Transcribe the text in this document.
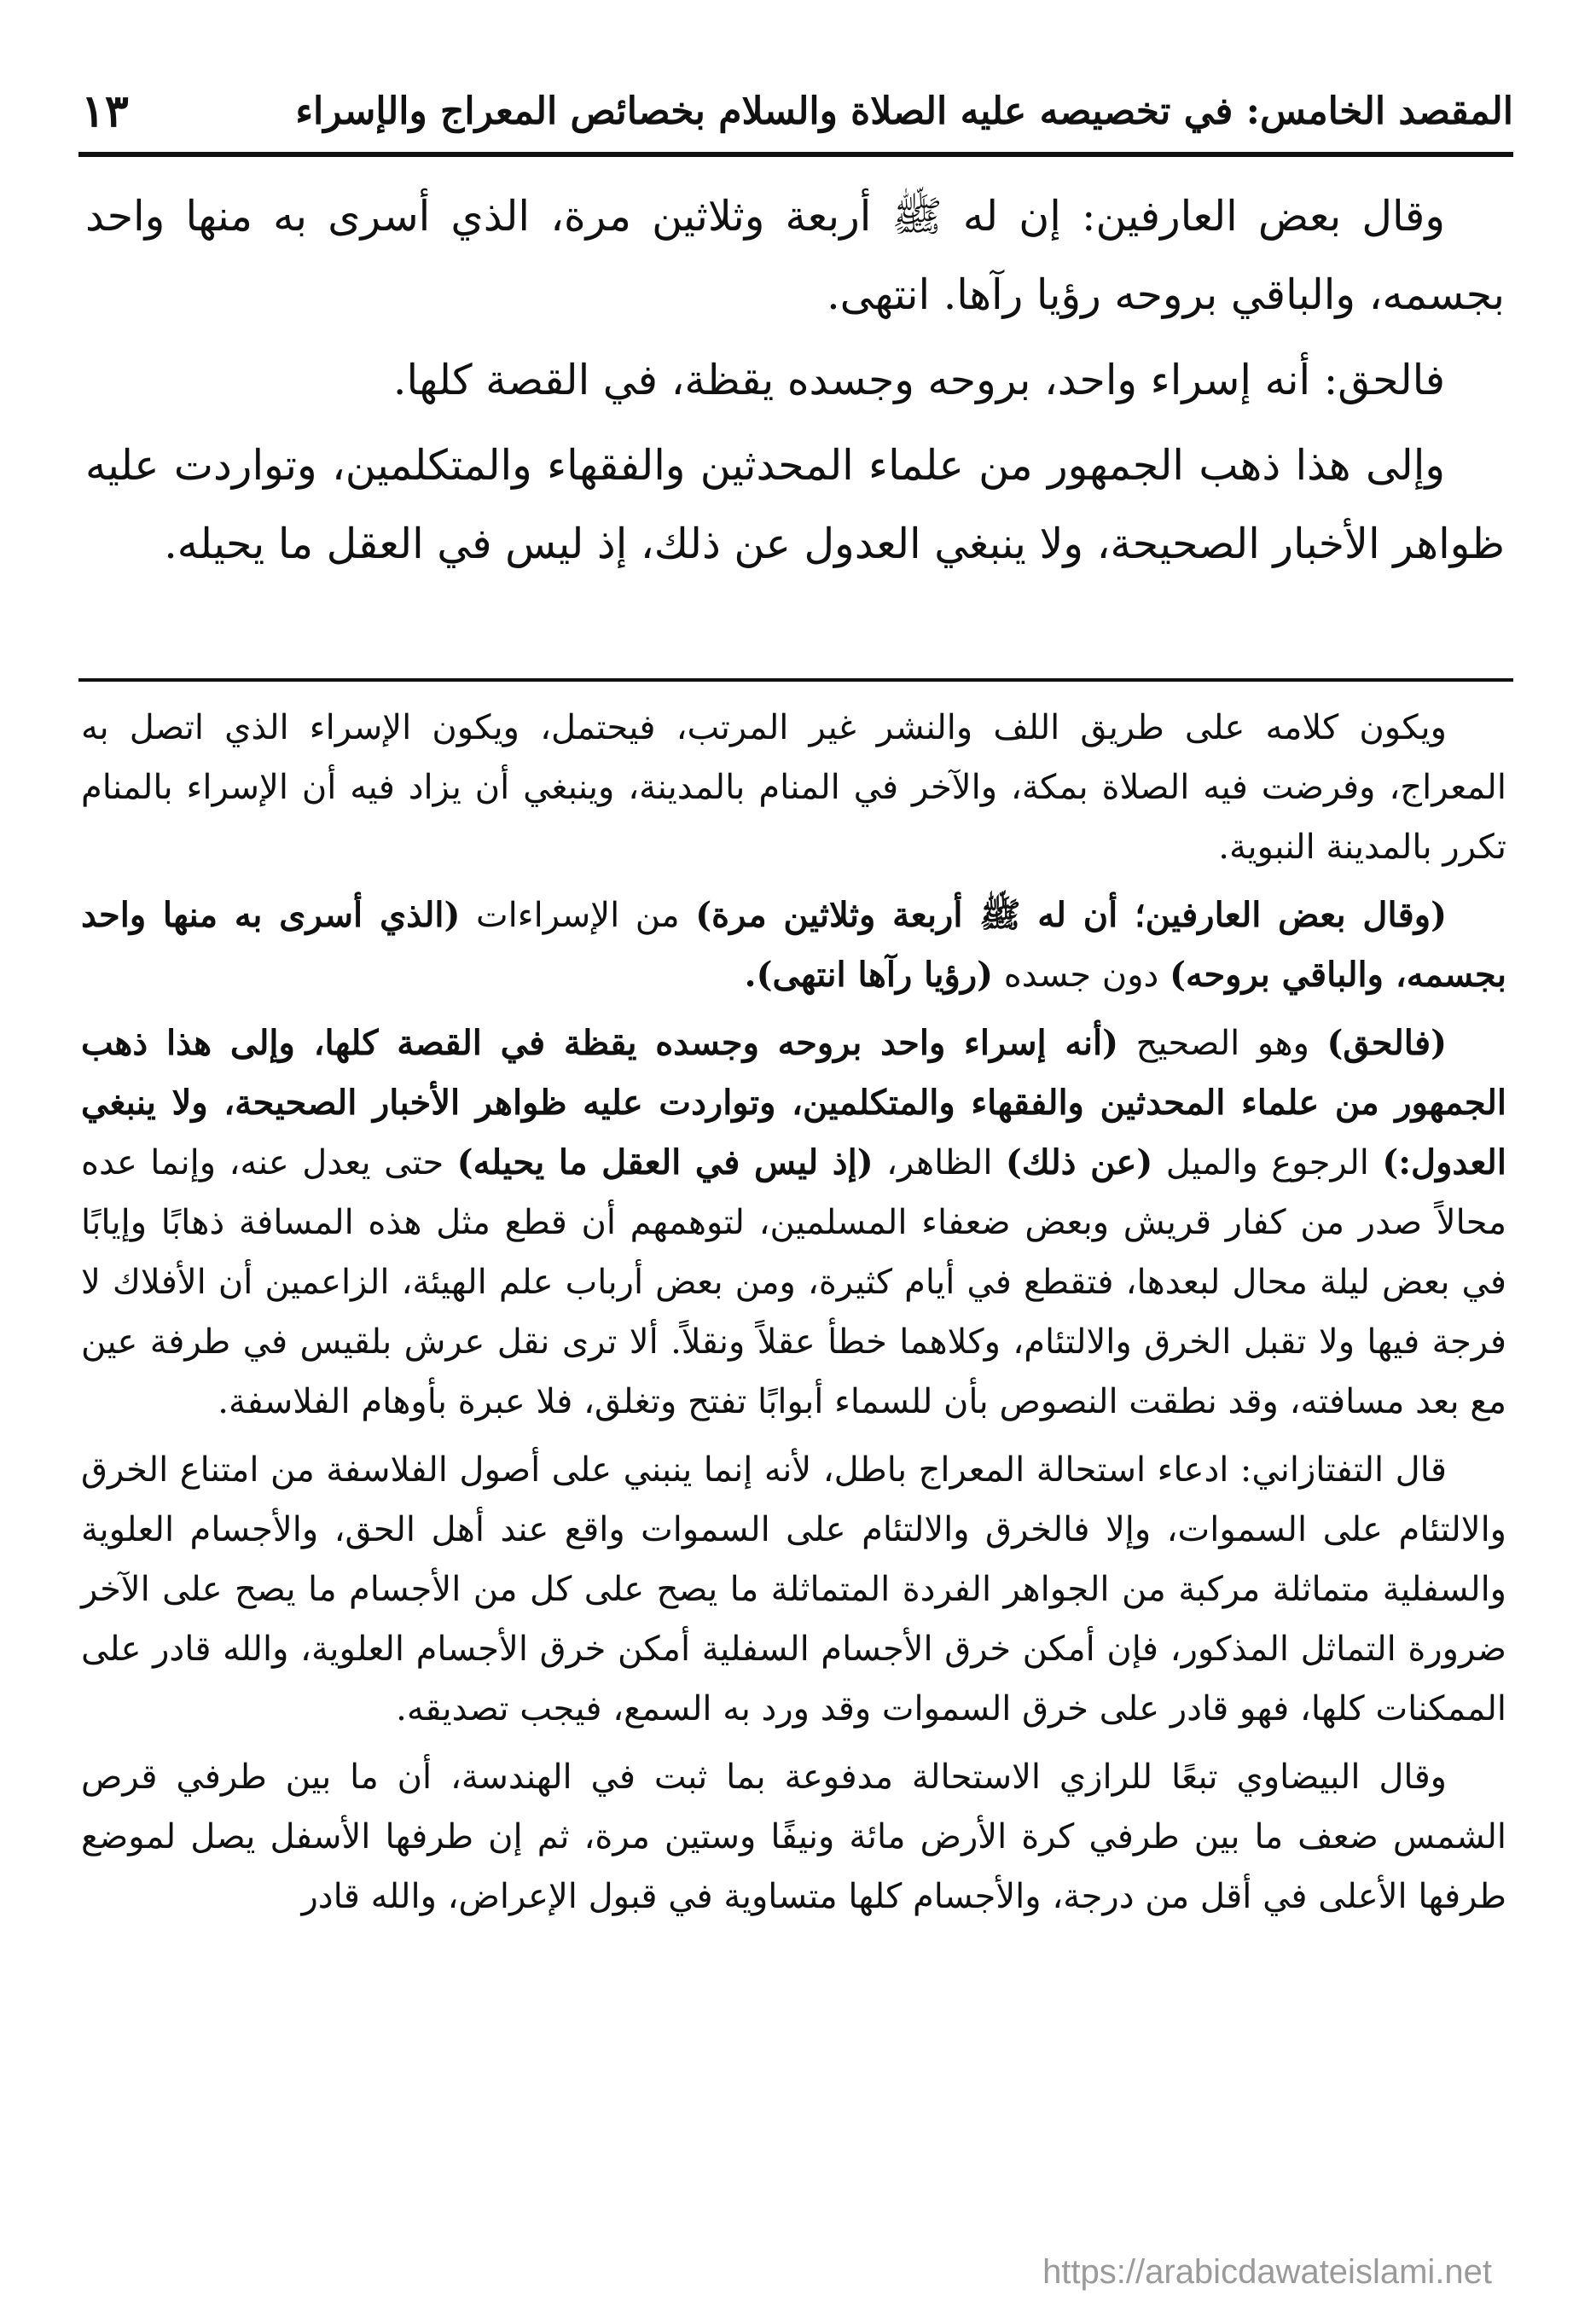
المقصد الخامس: في تخصيصه عليه الصلاة والسلام بخصائص المعراج والإسراء
١٣

وقال بعض العارفين: إن له ﷺ أربعة وثلاثين مرة، الذي أسرى به منها واحد بجسمه، والباقي بروحه رؤيا رآها. انتهى.

فالحق: أنه إسراء واحد، بروحه وجسده يقظة، في القصة كلها.

وإلى هذا ذهب الجمهور من علماء المحدثين والفقهاء والمتكلمين، وتواردت عليه ظواهر الأخبار الصحيحة، ولا ينبغي العدول عن ذلك، إذ ليس في العقل ما يحيله.

ويكون كلامه على طريق اللف والنشر غير المرتب، فيحتمل، ويكون الإسراء الذي اتصل به المعراج، وفرضت فيه الصلاة بمكة، والآخر في المنام بالمدينة، وينبغي أن يزاد فيه أن الإسراء بالمنام تكرر بالمدينة النبوية.

(وقال بعض العارفين؛ أن له ﷺ أربعة وثلاثين مرة) من الإسراءات (الذي أسرى به منها واحد بجسمه، والباقي بروحه) دون جسده (رؤيا رآها انتهى).

(فالحق) وهو الصحيح (أنه إسراء واحد بروحه وجسده يقظة في القصة كلها، وإلى هذا ذهب الجمهور من علماء المحدثين والفقهاء والمتكلمين، وتواردت عليه ظواهر الأخبار الصحيحة، ولا ينبغي العدول:) الرجوع والميل (عن ذلك) الظاهر، (إذ ليس في العقل ما يحيله) حتى يعدل عنه، وإنما عده محالاً صدر من كفار قريش وبعض ضعفاء المسلمين، لتوهمهم أن قطع مثل هذه المسافة ذهابًا وإيابًا في بعض ليلة محال لبعدها، فتقطع في أيام كثيرة، ومن بعض أرباب علم الهيئة، الزاعمين أن الأفلاك لا فرجة فيها ولا تقبل الخرق والالتئام، وكلاهما خطأ عقلاً ونقلاً. ألا ترى نقل عرش بلقيس في طرفة عين مع بعد مسافته، وقد نطقت النصوص بأن للسماء أبوابًا تفتح وتغلق، فلا عبرة بأوهام الفلاسفة.

قال التفتازاني: ادعاء استحالة المعراج باطل، لأنه إنما ينبني على أصول الفلاسفة من امتناع الخرق والالتئام على السموات، وإلا فالخرق والالتئام على السموات واقع عند أهل الحق، والأجسام العلوية والسفلية متماثلة مركبة من الجواهر الفردة المتماثلة ما يصح على كل من الأجسام ما يصح على الآخر ضرورة التماثل المذكور، فإن أمكن خرق الأجسام السفلية أمكن خرق الأجسام العلوية، والله قادر على الممكنات كلها، فهو قادر على خرق السموات وقد ورد به السمع، فيجب تصديقه.

وقال البيضاوي تبعًا للرازي الاستحالة مدفوعة بما ثبت في الهندسة، أن ما بين طرفي قرص الشمس ضعف ما بين طرفي كرة الأرض مائة ونيفًا وستين مرة، ثم إن طرفها الأسفل يصل لموضع طرفها الأعلى في أقل من درجة، والأجسام كلها متساوية في قبول الإعراض، والله قادر

https://arabicdawateislami.net
